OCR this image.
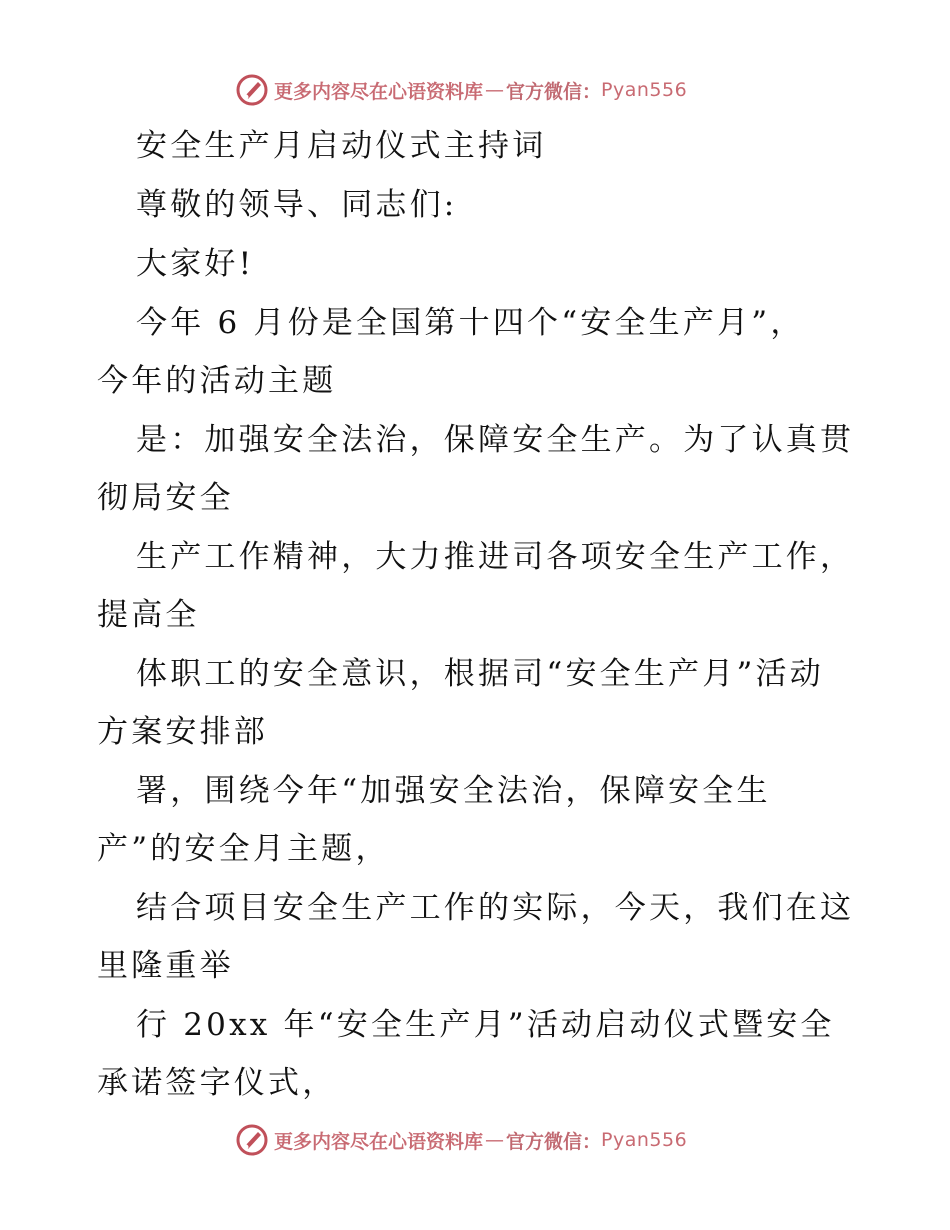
更多内容尽在心语资料库 — 官方微信： Pyan556

安全生产月启动仪式主持词

尊敬的领导、同志们:

大家好!

今年 6 月份是全国第十四个“安全生产月”，

今年的活动主题

是：加强安全法治，保障安全生产。为了认真贯

彻局安全

生产工作精神，大力推进司各项安全生产工作，

提高全

体职工的安全意识，根据司“安全生产月”活动

方案安排部

署，围绕今年“加强安全法治，保障安全生

产”的安全月主题，

结合项目安全生产工作的实际，今天，我们在这

里隆重举

行 20xx 年“安全生产月”活动启动仪式暨安全

承诺签字仪式，

更多内容尽在心语资料库 — 官方微信： Pyan556
